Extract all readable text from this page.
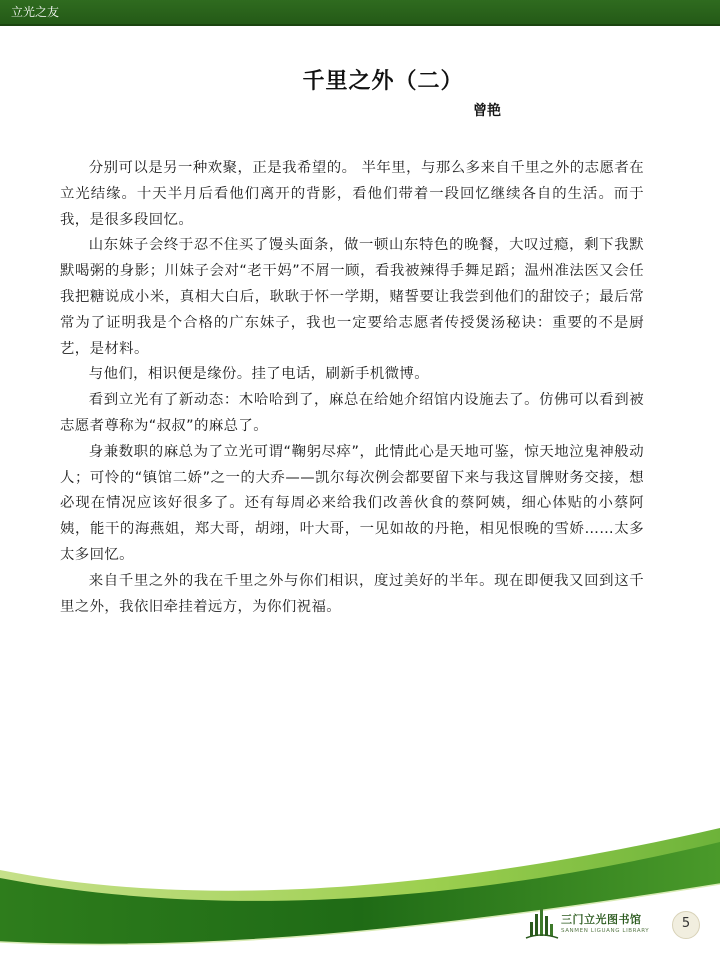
立光之友
千里之外（二）
曾艳

分别可以是另一种欢聚，正是我希望的。 半年里，与那么多来自千里之外的志愿者在立光结缘。十天半月后看他们离开的背影，看他们带着一段回忆继续各自的生活。而于我，是很多段回忆。

山东妹子会终于忍不住买了馒头面条，做一顿山东特色的晚餐，大叹过瘾，剩下我默默喝粥的身影；川妹子会对“老干妈”不屑一顾，看我被辣得手舞足蹈；温州准法医又会任我把糖说成小米，真相大白后，耿耿于怀一学期，赌誓要让我尝到他们的甜饺子；最后常常为了证明我是个合格的广东妹子，我也一定要给志愿者传授煲汤秘诀：重要的不是厨艺，是材料。

与他们，相识便是缘份。挂了电话，刷新手机微博。

看到立光有了新动态：木哈哈到了，麻总在给她介绍馆内设施去了。仿佛可以看到被志愿者尊称为“叔叔”的麻总了。

身兼数职的麻总为了立光可谓“鞠躬尽瘁”，此情此心是天地可鉴，惊天地泣鬼神般动人；可怜的“镇馆二娇”之一的大乔——凯尔每次例会都要留下来与我这冒牌财务交接，想必现在情况应该好很多了。还有每周必来给我们改善伙食的蔡阿姨，细心体贴的小蔡阿姨，能干的海燕姐，郑大哥，胡翊，叶大哥，一见如故的丹艳，相见恨晚的雪娇……太多太多回忆。

来自千里之外的我在千里之外与你们相识，度过美好的半年。现在即便我又回到这千里之外，我依旧牵挂着远方，为你们祝福。

三门立光图书馆
SANMEN LIGUANG LIBRARY	5
